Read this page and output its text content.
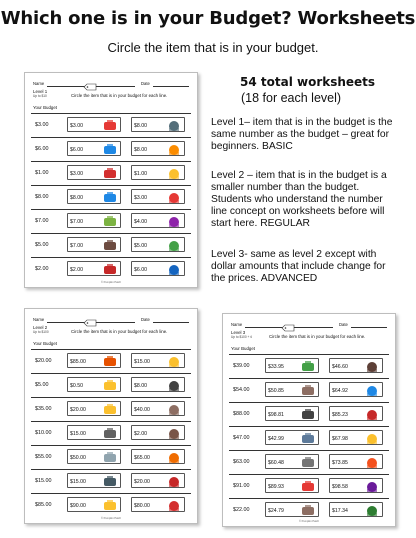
Which one is in your Budget? Worksheets
Circle the item that is in your budget.
Name	Date
Level 1
Up to $10	Circle the item that is in your budget for each line.
Your Budget
$3.00	$3.00	$8.00
$6.00	$6.00	$8.00
$1.00	$3.00	$1.00
$8.00	$8.00	$3.00
$7.00	$7.00	$4.00
$5.00	$7.00	$5.00
$2.00	$2.00	$6.00
© Pumpkin Patch
Name	Date
Level 2
Up to $100	Circle the item that is in your budget for each line.
Your Budget
$20.00	$85.00	$15.00
$5.00	$0.50	$8.00
$35.00	$20.00	$40.00
$10.00	$15.00	$2.00
$55.00	$50.00	$65.00
$15.00	$15.00	$20.00
$85.00	$90.00	$80.00
© Pumpkin Patch
Name	Date
Level 3
Up to $100 + ¢	Circle the item that is in your budget for each line.
Your Budget
$39.00	$33.95	$46.60
$54.00	$50.85	$64.92
$88.00	$98.81	$85.23
$47.00	$42.99	$67.98
$63.00	$60.48	$73.85
$91.00	$89.93	$98.58
$22.00	$24.79	$17.34
© Pumpkin Patch
54 total worksheets
(18 for each level)
Level 1– item that is in the budget is the
same number as the budget – great for
beginners. BASIC
Level 2 – item that is in the budget is a
smaller number than the budget.
Students who understand the number
line concept on worksheets before will
start here. REGULAR
Level 3- same as level 2 except with
dollar amounts that include change for
the prices. ADVANCED
